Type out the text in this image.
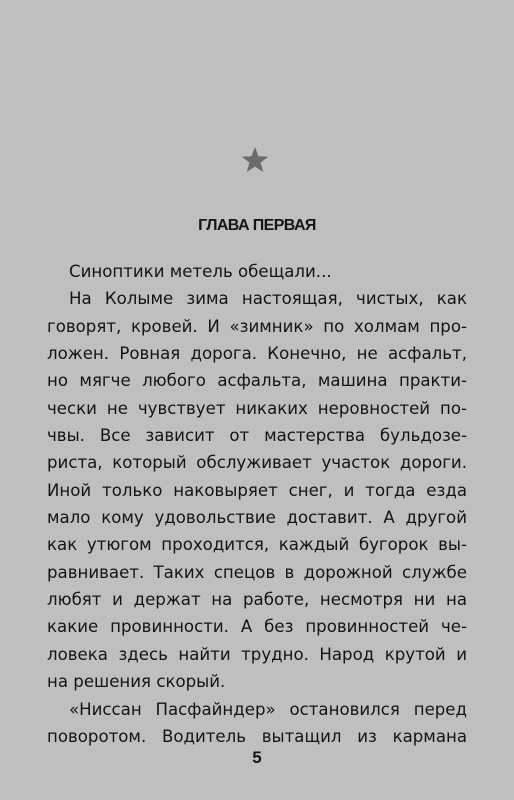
ГЛАВА ПЕРВАЯ
Синоптики метель обещали...
На Колыме зима настоящая, чистых, как
говорят, кровей. И «зимник» по холмам про-
ложен. Ровная дорога. Конечно, не асфальт,
но мягче любого асфальта, машина практи-
чески не чувствует никаких неровностей по-
чвы. Все зависит от мастерства бульдозе-
риста, который обслуживает участок дороги.
Иной только наковыряет снег, и тогда езда
мало кому удовольствие доставит. А другой
как утюгом проходится, каждый бугорок вы-
равнивает. Таких спецов в дорожной службе
любят и держат на работе, несмотря ни на
какие провинности. А без провинностей че-
ловека здесь найти трудно. Народ крутой и
на решения скорый.
«Ниссан Пасфайндер» остановился перед
поворотом. Водитель вытащил из кармана
5
